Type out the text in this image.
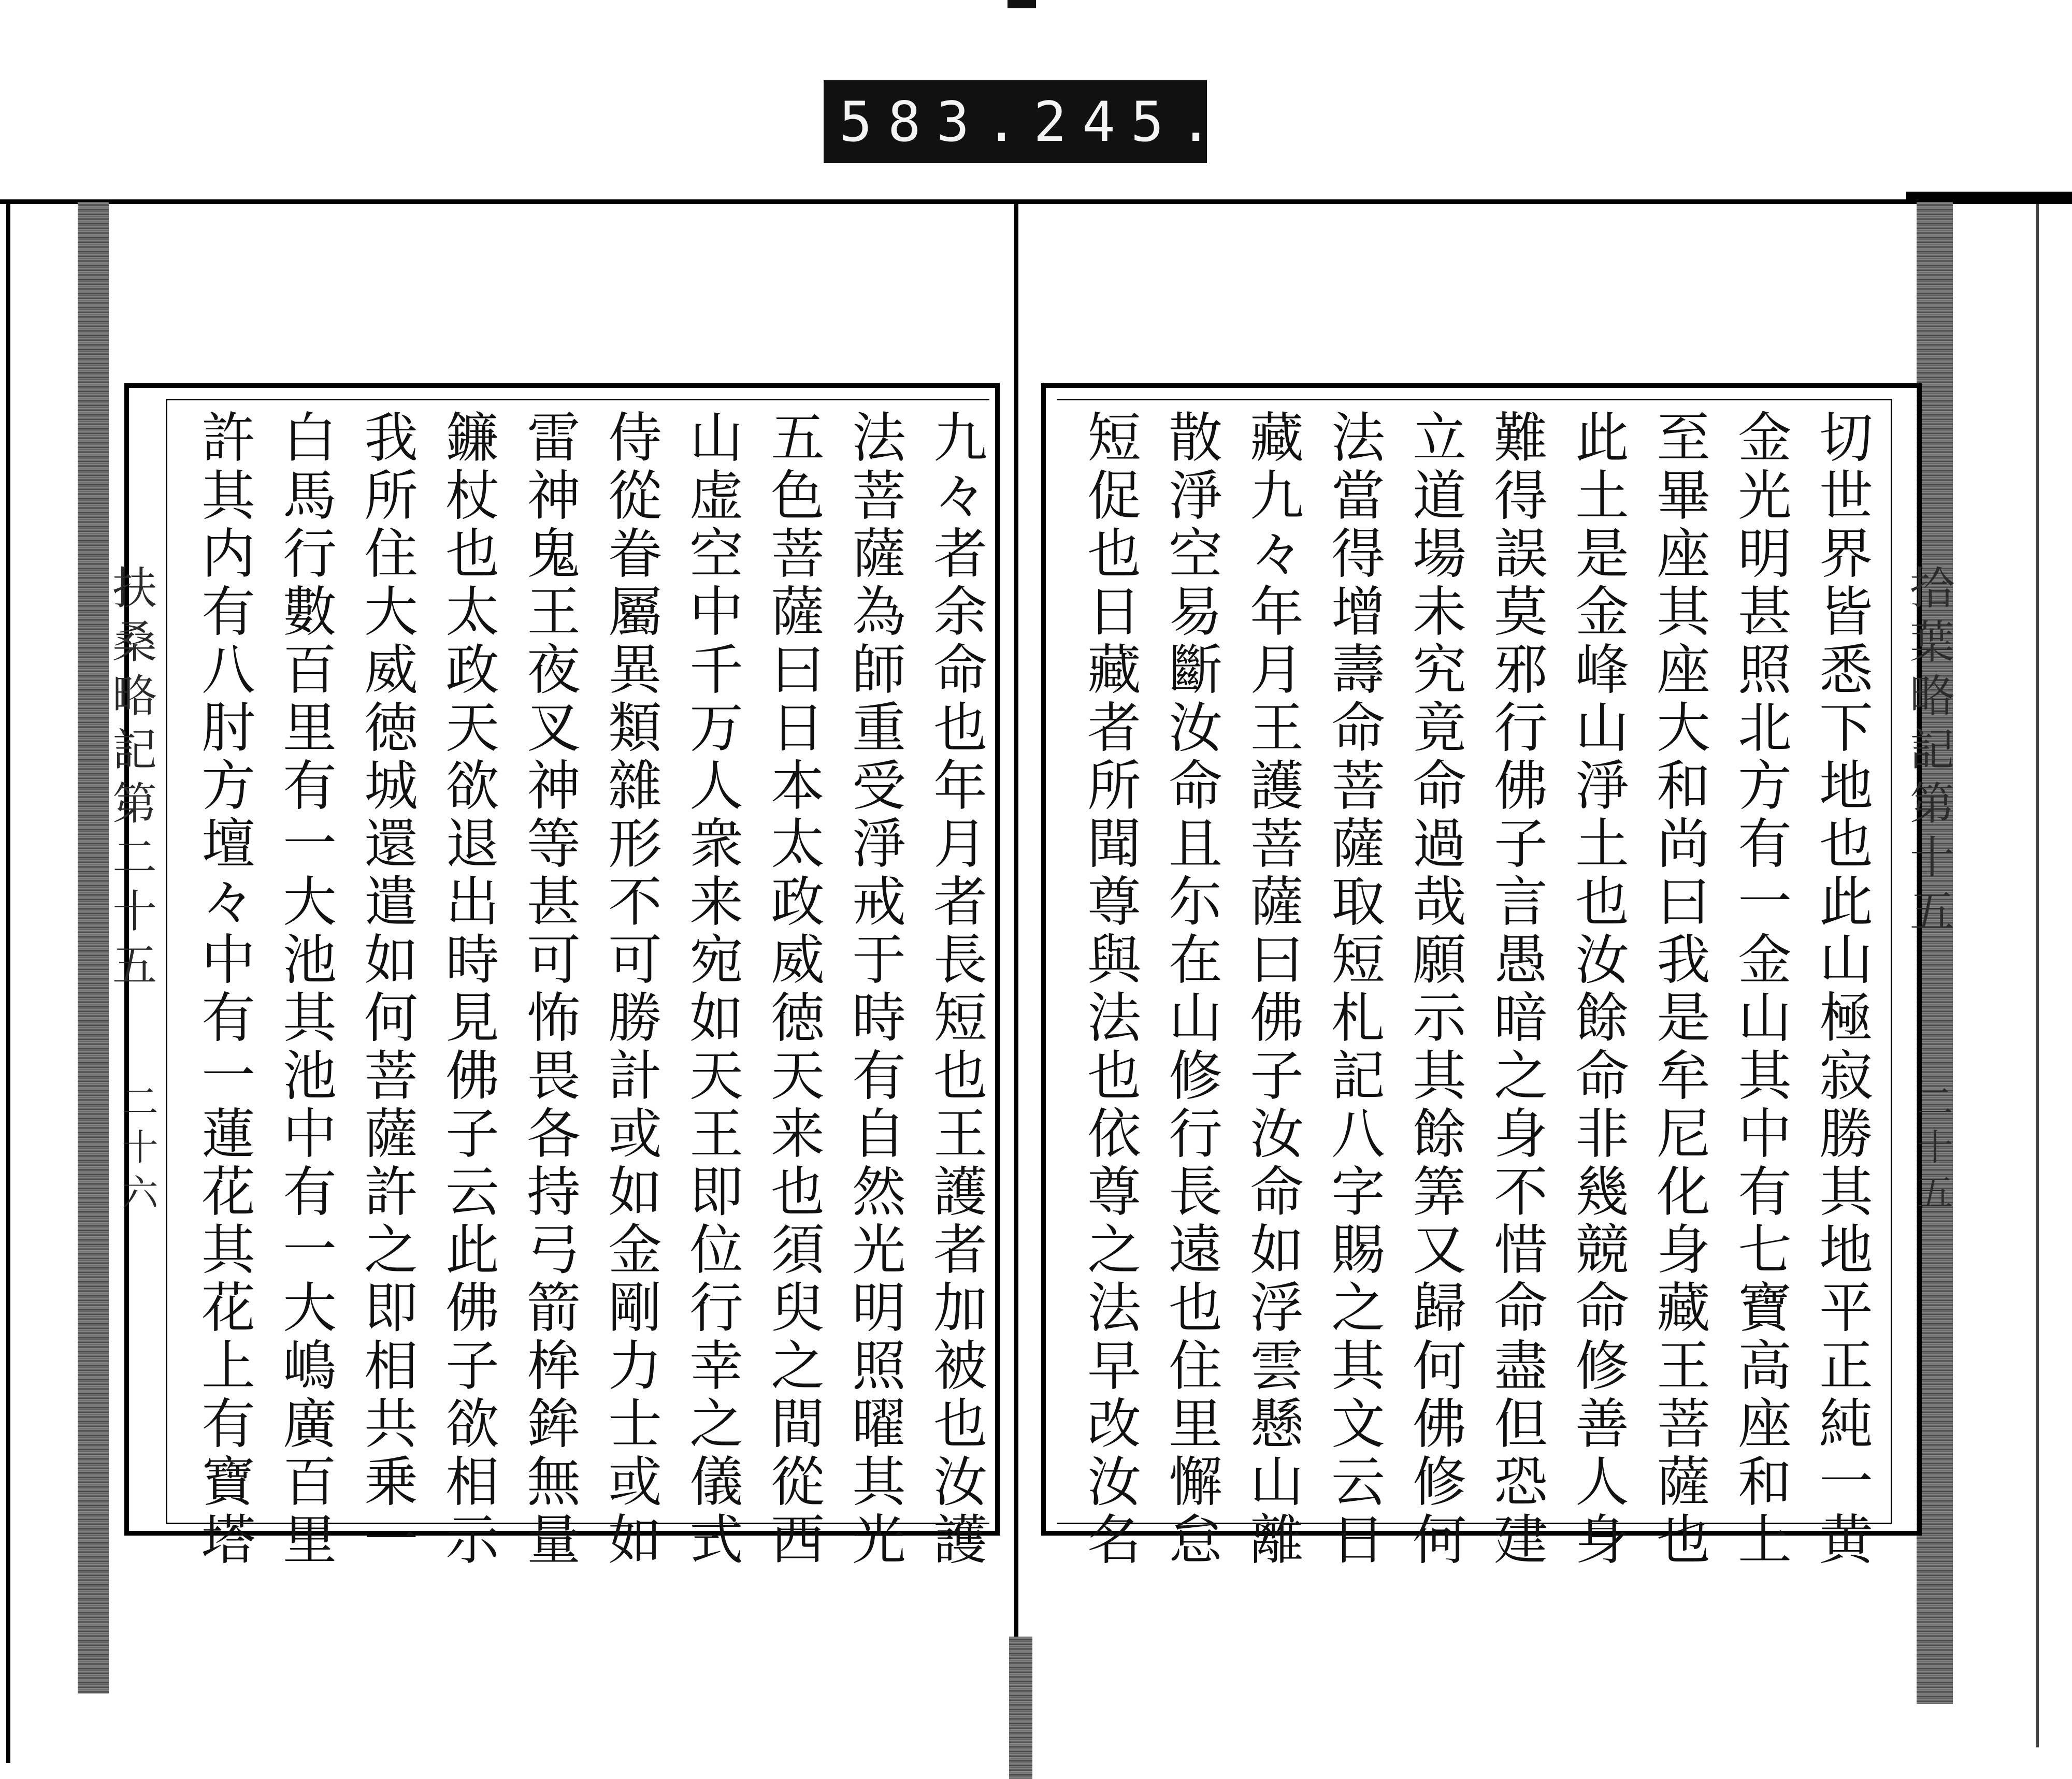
583 .245.
扶桑略記第二十五
二十六
拾葉略記第十五
二十五
切世界皆悉下地也此山極寂勝其地平正純一黄
金光明甚照北方有一金山其中有七寶高座和上
至畢座其座大和尚曰我是牟尼化身藏王菩薩也
此土是金峰山淨土也汝餘命非幾競命修善人身
難得誤莫邪行佛子言愚暗之身不惜命盡但恐建
立道場未究竟命過哉願示其餘筭又歸何佛修何
法當得增壽命菩薩取短札記八字賜之其文云日
藏九々年月王護菩薩曰佛子汝命如浮雲懸山離
散淨空易斷汝命且尓在山修行長遠也住里懈怠
短促也日藏者所聞尊與法也依尊之法早改汝名
九々者余命也年月者長短也王護者加被也汝護
法菩薩為師重受淨戒于時有自然光明照曜其光
五色菩薩曰日本太政威徳天来也須臾之間從西
山虚空中千万人衆来宛如天王即位行幸之儀式
侍從眷屬異類雜形不可勝計或如金剛力士或如
雷神鬼王夜叉神等甚可怖畏各持弓箭桙鉾無量
鐮杖也太政天欲退出時見佛子云此佛子欲相示
我所住大威徳城還遣如何菩薩許之即相共乗一
白馬行數百里有一大池其池中有一大嶋廣百里
許其内有八肘方壇々中有一蓮花其花上有寶塔
